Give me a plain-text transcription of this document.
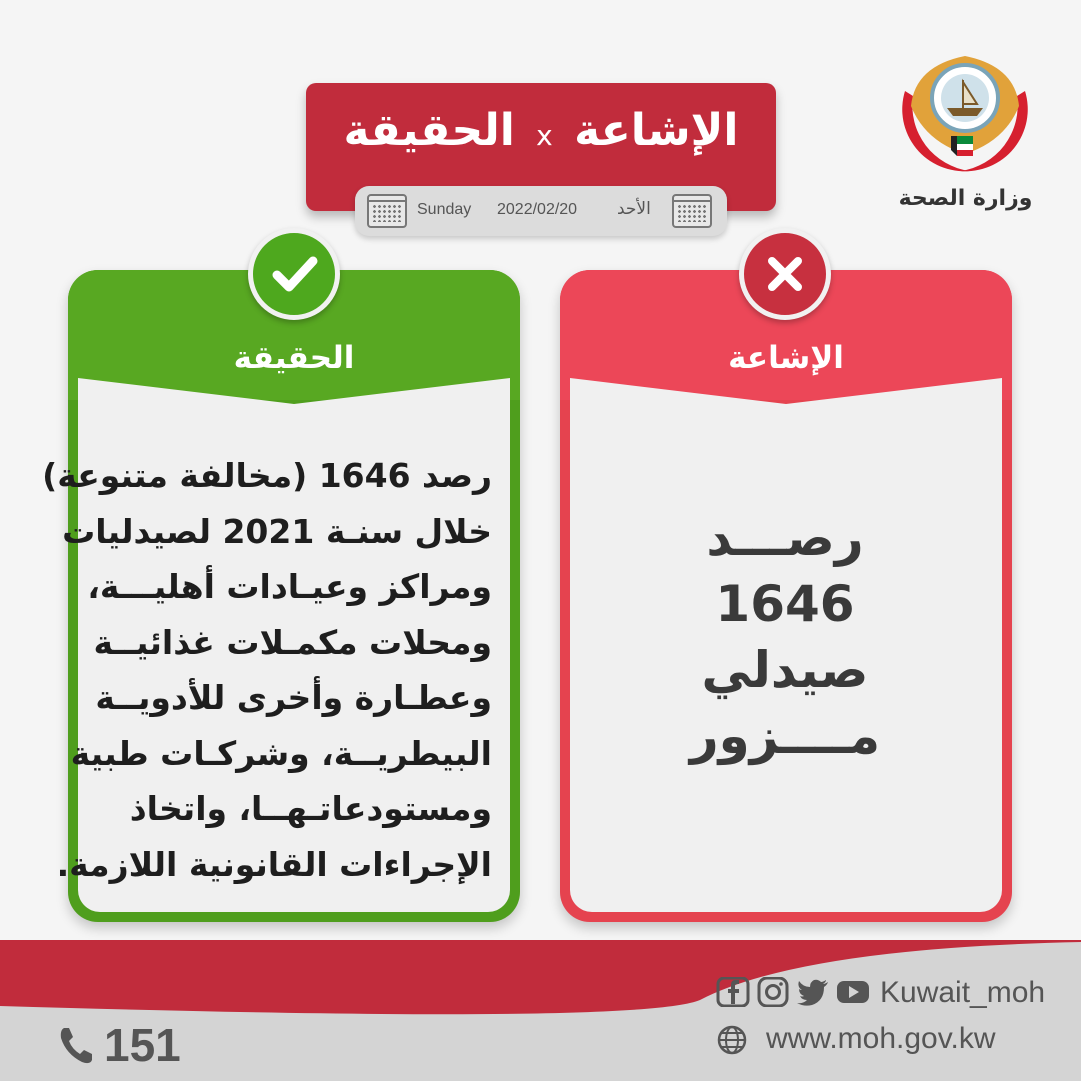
الإشاعة x الحقيقة
Sunday 2022/02/20 الأحد	وزارة الصحة
الحقيقة
رصد 1646 (مخالفة متنوعة)
خلال سنـة 2021 لصيدليات
ومراكز وعيـادات أهليـــة،
ومحلات مكمـلات غذائيــة
وعطـارة وأخرى للأدويــة
البيطريــة، وشركـات طبية
ومستودعاتـهــا، واتخاذ
الإجراءات القانونية اللازمة.
الإشاعة
رصـــد
1646
صيدلي
مــــزور
151
Kuwait_moh
www.moh.gov.kw
